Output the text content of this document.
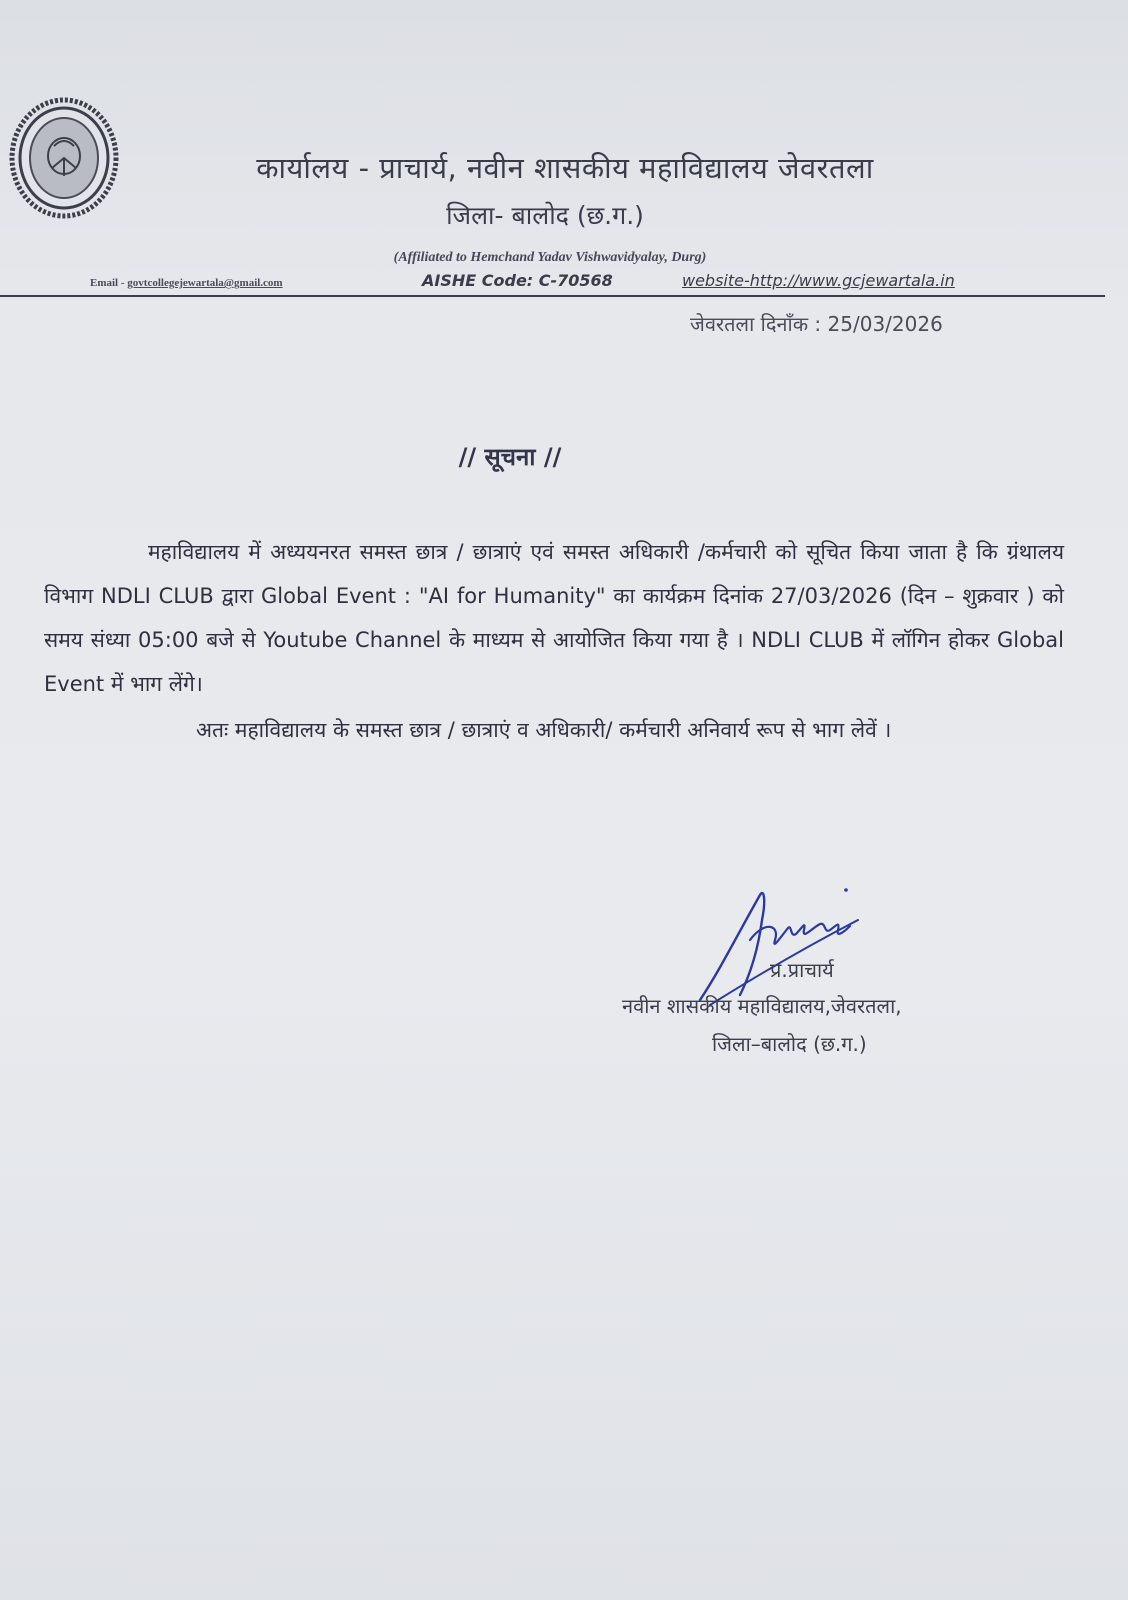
कार्यालय - प्राचार्य, नवीन शासकीय महाविद्यालय जेवरतला
जिला- बालोद (छ.ग.)
(Affiliated to Hemchand Yadav Vishwavidyalay, Durg)
Email - govtcollegejewartala@gmail.com	AISHE Code: C-70568	website-http://www.gcjewartala.in
जेवरतला दिनाँक : 25/03/2026
// सूचना //

महाविद्यालय में अध्ययनरत समस्त छात्र / छात्राएं एवं समस्त अधिकारी /कर्मचारी को सूचित किया जाता है कि ग्रंथालय विभाग NDLI CLUB द्वारा Global Event : "AI for Humanity" का कार्यक्रम दिनांक 27/03/2026 (दिन – शुक्रवार ) को समय संध्या 05:00 बजे से Youtube Channel के माध्यम से आयोजित किया गया है । NDLI CLUB में लॉगिन होकर Global Event में भाग लेंगे।

अतः महाविद्यालय के समस्त छात्र / छात्राएं व अधिकारी/ कर्मचारी अनिवार्य रूप से भाग लेवें ।

प्र.प्राचार्य
नवीन शासकीय महाविद्यालय,जेवरतला,
जिला–बालोद (छ.ग.)
